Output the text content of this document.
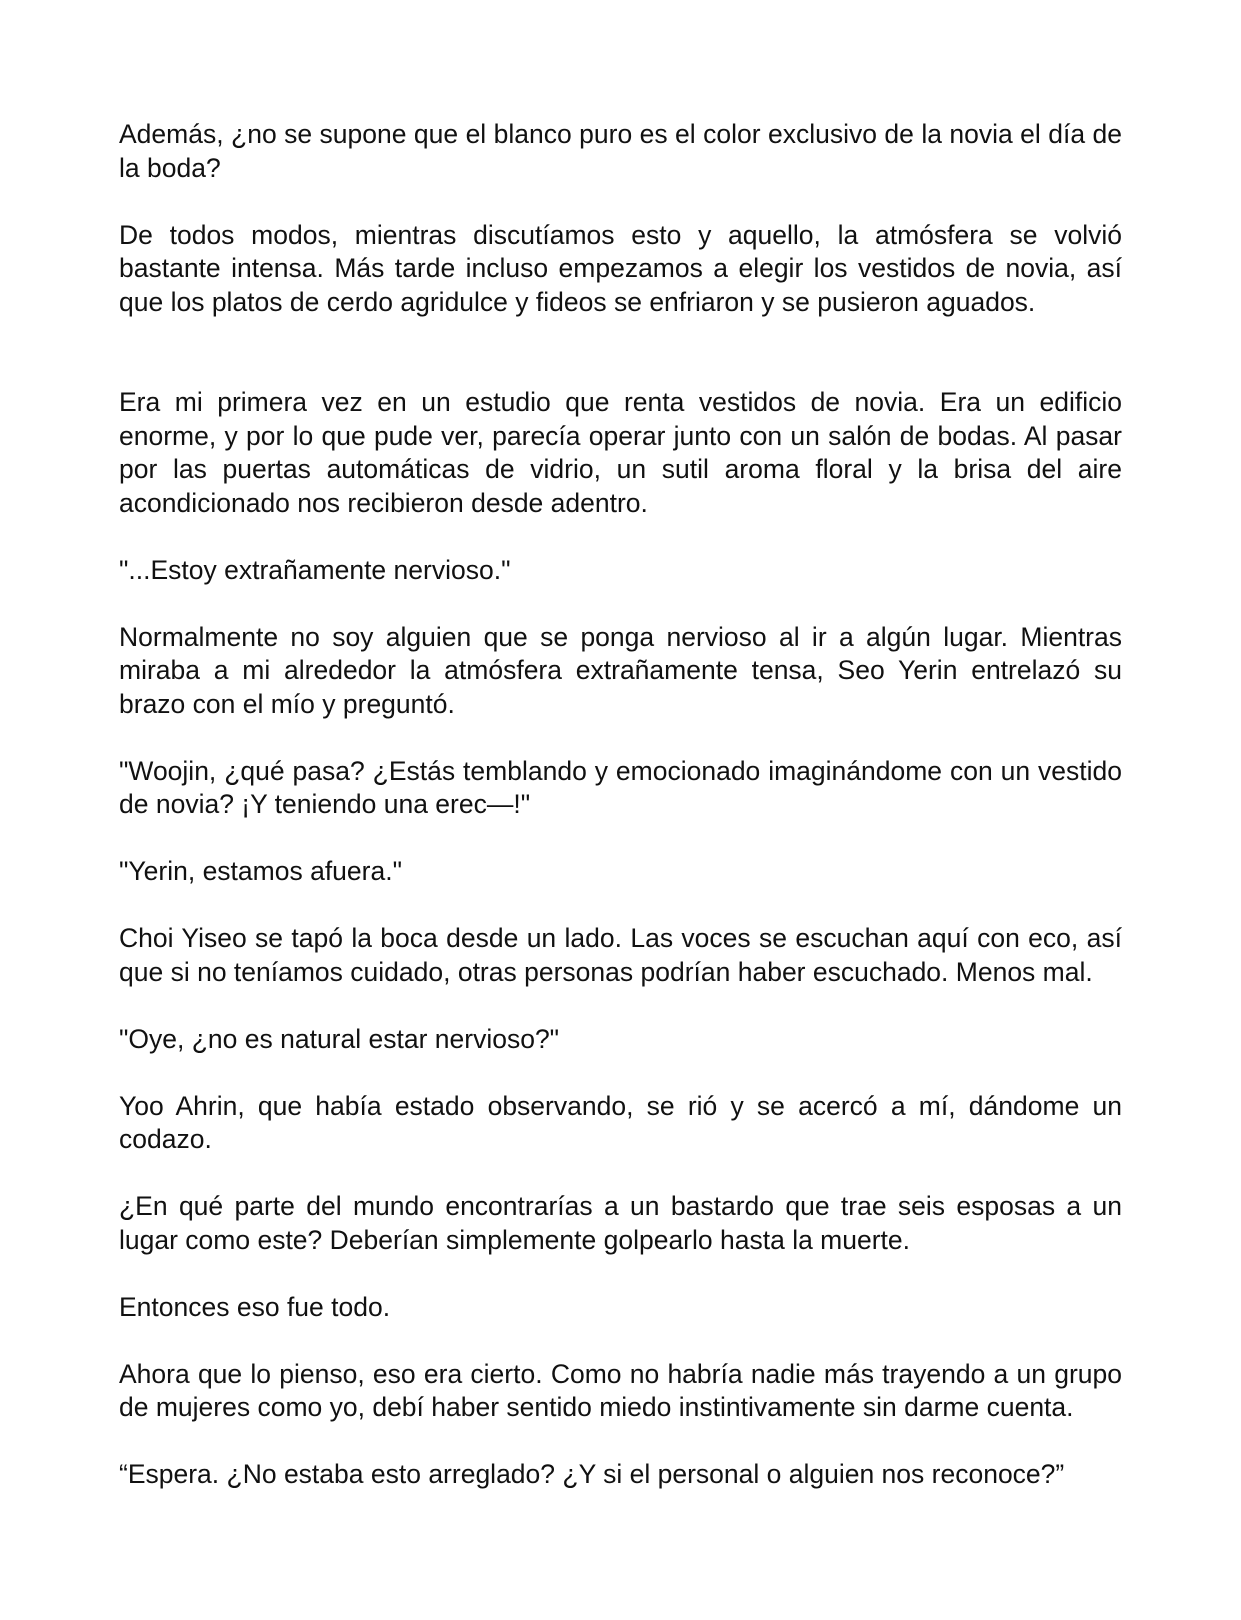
Además, ¿no se supone que el blanco puro es el color exclusivo de la novia el día de la boda?

De todos modos, mientras discutíamos esto y aquello, la atmósfera se volvió bastante intensa. Más tarde incluso empezamos a elegir los vestidos de novia, así que los platos de cerdo agridulce y fideos se enfriaron y se pusieron aguados.

Era mi primera vez en un estudio que renta vestidos de novia. Era un edificio enorme, y por lo que pude ver, parecía operar junto con un salón de bodas. Al pasar por las puertas automáticas de vidrio, un sutil aroma floral y la brisa del aire acondicionado nos recibieron desde adentro.

"...Estoy extrañamente nervioso."

Normalmente no soy alguien que se ponga nervioso al ir a algún lugar. Mientras miraba a mi alrededor la atmósfera extrañamente tensa, Seo Yerin entrelazó su brazo con el mío y preguntó.

"Woojin, ¿qué pasa? ¿Estás temblando y emocionado imaginándome con un vestido de novia? ¡Y teniendo una erec—!"

"Yerin, estamos afuera."

Choi Yiseo se tapó la boca desde un lado. Las voces se escuchan aquí con eco, así que si no teníamos cuidado, otras personas podrían haber escuchado. Menos mal.

"Oye, ¿no es natural estar nervioso?"

Yoo Ahrin, que había estado observando, se rió y se acercó a mí, dándome un codazo.

¿En qué parte del mundo encontrarías a un bastardo que trae seis esposas a un lugar como este? Deberían simplemente golpearlo hasta la muerte.

Entonces eso fue todo.

Ahora que lo pienso, eso era cierto. Como no habría nadie más trayendo a un grupo de mujeres como yo, debí haber sentido miedo instintivamente sin darme cuenta.

“Espera. ¿No estaba esto arreglado? ¿Y si el personal o alguien nos reconoce?”
